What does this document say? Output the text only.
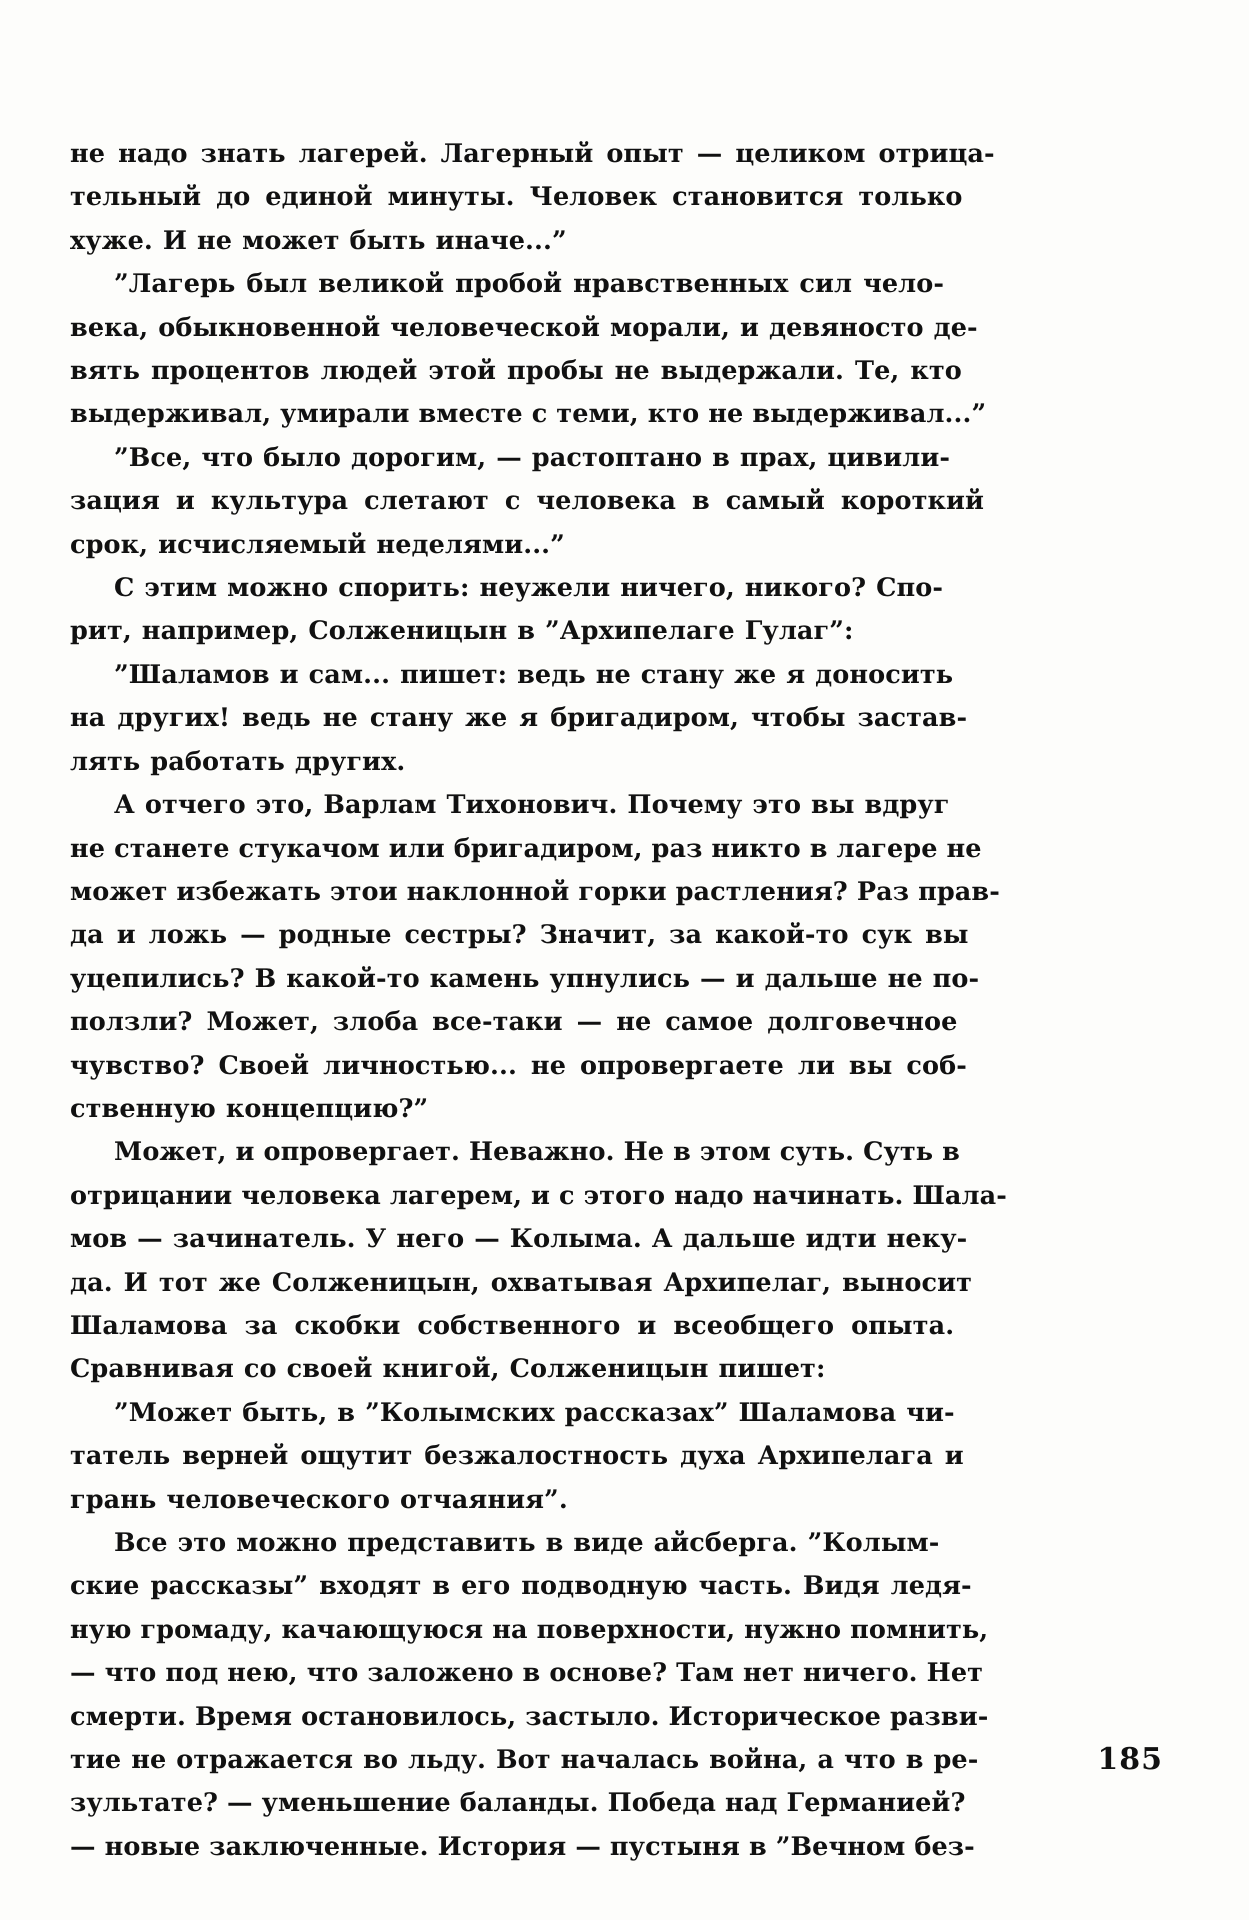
не надо знать лагерей. Лагерный опыт — целиком отрица-
тельный до единой минуты. Человек становится только
хуже. И не может быть иначе...”
”Лагерь был великой пробой нравственных сил чело-
века, обыкновенной человеческой морали, и девяносто де-
вять процентов людей этой пробы не выдержали. Те, кто
выдерживал, умирали вместе с теми, кто не выдерживал...”
”Все, что было дорогим, — растоптано в прах, цивили-
зация и культура слетают с человека в самый короткий
срок, исчисляемый неделями...”
С этим можно спорить: неужели ничего, никого? Спо-
рит, например, Солженицын в ”Архипелаге Гулаг”:
”Шаламов и сам... пишет: ведь не стану же я доносить
на других! ведь не стану же я бригадиром, чтобы застав-
лять работать других.
А отчего это, Варлам Тихонович. Почему это вы вдруг
не станете стукачом или бригадиром, раз никто в лагере не
может избежать этои наклонной горки растления? Раз прав-
да и ложь — родные сестры? Значит, за какой-то сук вы
уцепились? В какой-то камень упнулись — и дальше не по-
ползли? Может, злоба все-таки — не самое долговечное
чувство? Своей личностью... не опровергаете ли вы соб-
ственную концепцию?”
Может, и опровергает. Неважно. Не в этом суть. Суть в
отрицании человека лагерем, и с этого надо начинать. Шала-
мов — зачинатель. У него — Колыма. А дальше идти неку-
да. И тот же Солженицын, охватывая Архипелаг, выносит
Шаламова за скобки собственного и всеобщего опыта.
Сравнивая со своей книгой, Солженицын пишет:
”Может быть, в ”Колымских рассказах” Шаламова чи-
татель верней ощутит безжалостность духа Архипелага и
грань человеческого отчаяния”.
Все это можно представить в виде айсберга. ”Колым-
ские рассказы” входят в его подводную часть. Видя ледя-
ную громаду, качающуюся на поверхности, нужно помнить,
— что под нею, что заложено в основе? Там нет ничего. Нет
смерти. Время остановилось, застыло. Историческое разви-
тие не отражается во льду. Вот началась война, а что в ре-
зультате? — уменьшение баланды. Победа над Германией?
— новые заключенные. История — пустыня в ”Вечном без-
185
